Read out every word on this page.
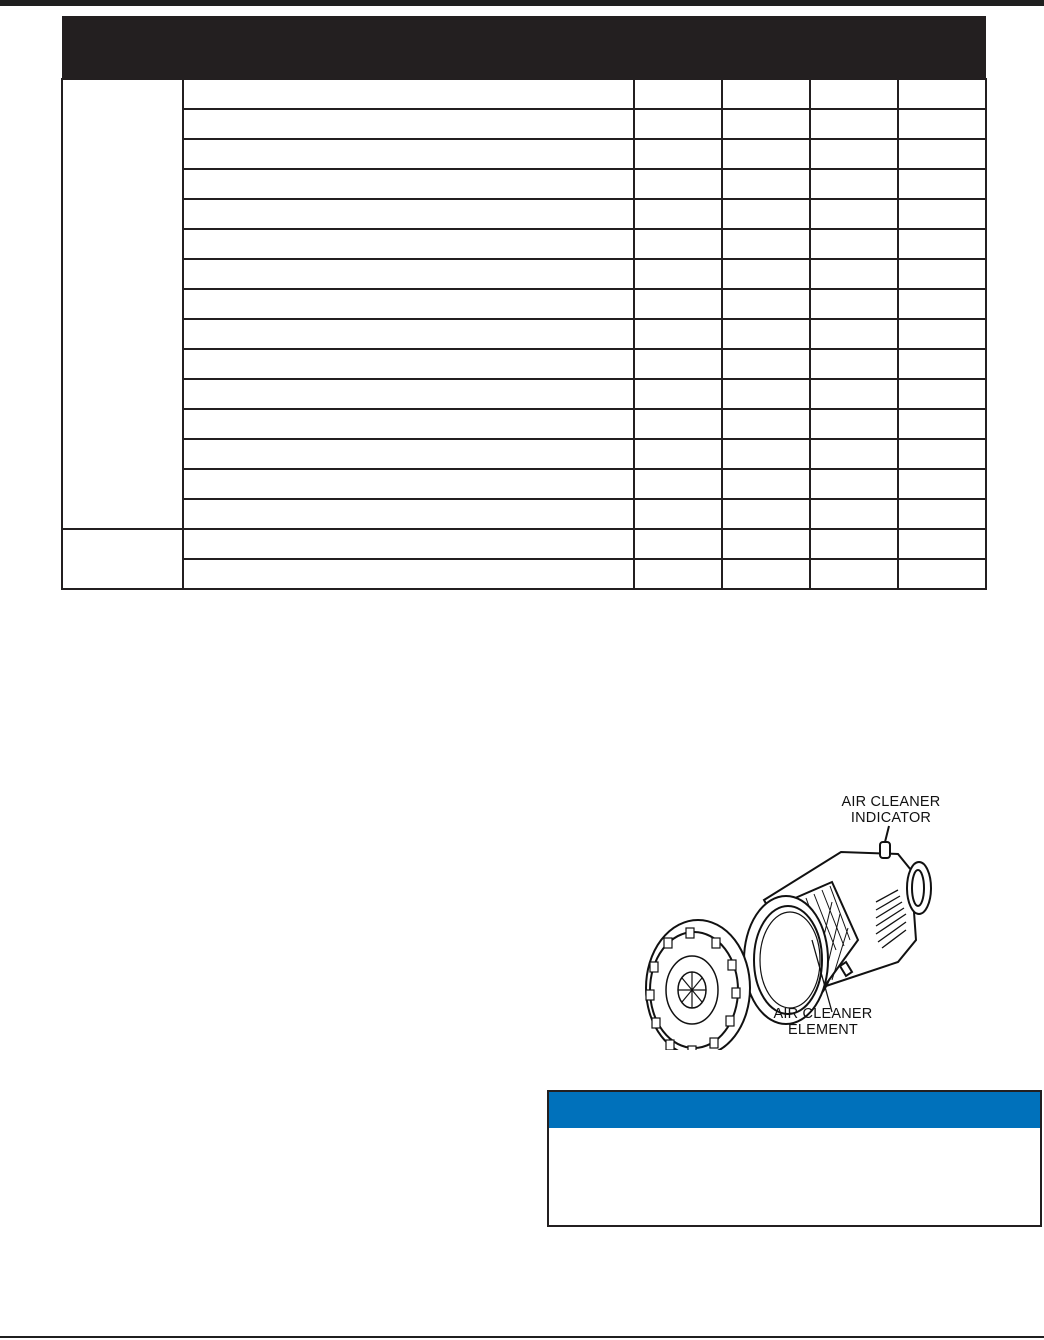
AIR CLEANER
INDICATOR
AIR CLEANER
ELEMENT
